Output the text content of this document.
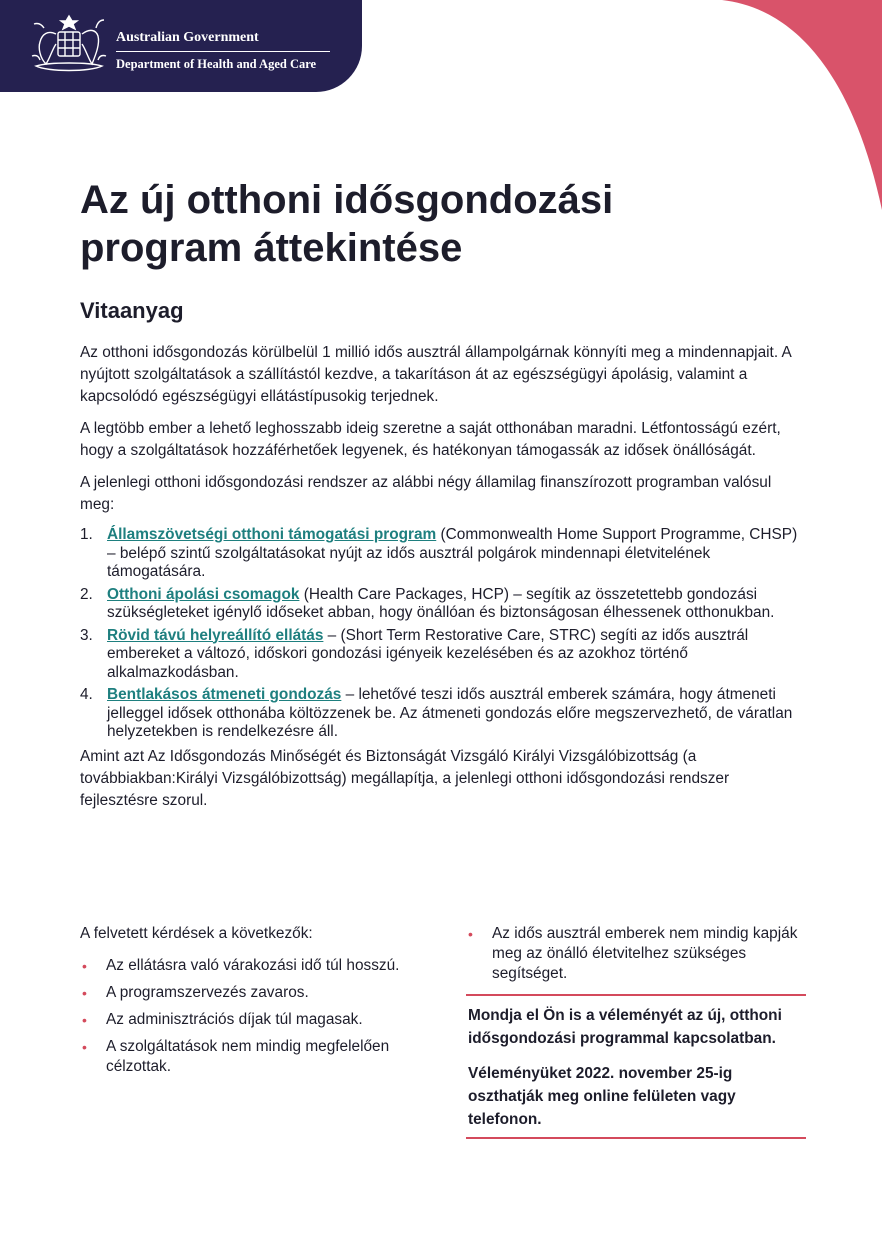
Australian Government
Department of Health and Aged Care
Az új otthoni idősgondozási program áttekintése
Vitaanyag

Az otthoni idősgondozás körülbelül 1 millió idős ausztrál állampolgárnak könnyíti meg a mindennapjait. A nyújtott szolgáltatások a szállítástól kezdve, a takarításon át az egészségügyi ápolásig, valamint a kapcsolódó egészségügyi ellátástípusokig terjednek.

A legtöbb ember a lehető leghosszabb ideig szeretne a saját otthonában maradni. Létfontosságú ezért, hogy a szolgáltatások hozzáférhetőek legyenek, és hatékonyan támogassák az idősek önállóságát.

A jelenlegi otthoni idősgondozási rendszer az alábbi négy államilag finanszírozott programban valósul meg:

1. Államszövetségi otthoni támogatási program (Commonwealth Home Support Programme, CHSP) – belépő szintű szolgáltatásokat nyújt az idős ausztrál polgárok mindennapi életvitelének támogatására.
2. Otthoni ápolási csomagok (Health Care Packages, HCP) – segítik az összetettebb gondozási szükségleteket igénylő időseket abban, hogy önállóan és biztonságosan élhessenek otthonukban.
3. Rövid távú helyreállító ellátás – (Short Term Restorative Care, STRC) segíti az idős ausztrál embereket a változó, időskori gondozási igényeik kezelésében és az azokhoz történő alkalmazkodásban.
4. Bentlakásos átmeneti gondozás – lehetővé teszi idős ausztrál emberek számára, hogy átmeneti jelleggel idősek otthonába költözzenek be. Az átmeneti gondozás előre megszervezhető, de váratlan helyzetekben is rendelkezésre áll.

Amint azt Az Idősgondozás Minőségét és Biztonságát Vizsgáló Királyi Vizsgálóbizottság (a továbbiakban:Királyi Vizsgálóbizottság) megállapítja, a jelenlegi otthoni idősgondozási rendszer fejlesztésre szorul.

A felvetett kérdések a következők:

• Az ellátásra való várakozási idő túl hosszú.
• A programszervezés zavaros.
• Az adminisztrációs díjak túl magasak.
• A szolgáltatások nem mindig megfelelően célzottak.
• Az idős ausztrál emberek nem mindig kapják meg az önálló életvitelhez szükséges segítséget.

Mondja el Ön is a véleményét az új, otthoni idősgondozási programmal kapcsolatban.

Véleményüket 2022. november 25-ig oszthatják meg online felületen vagy telefonon.
